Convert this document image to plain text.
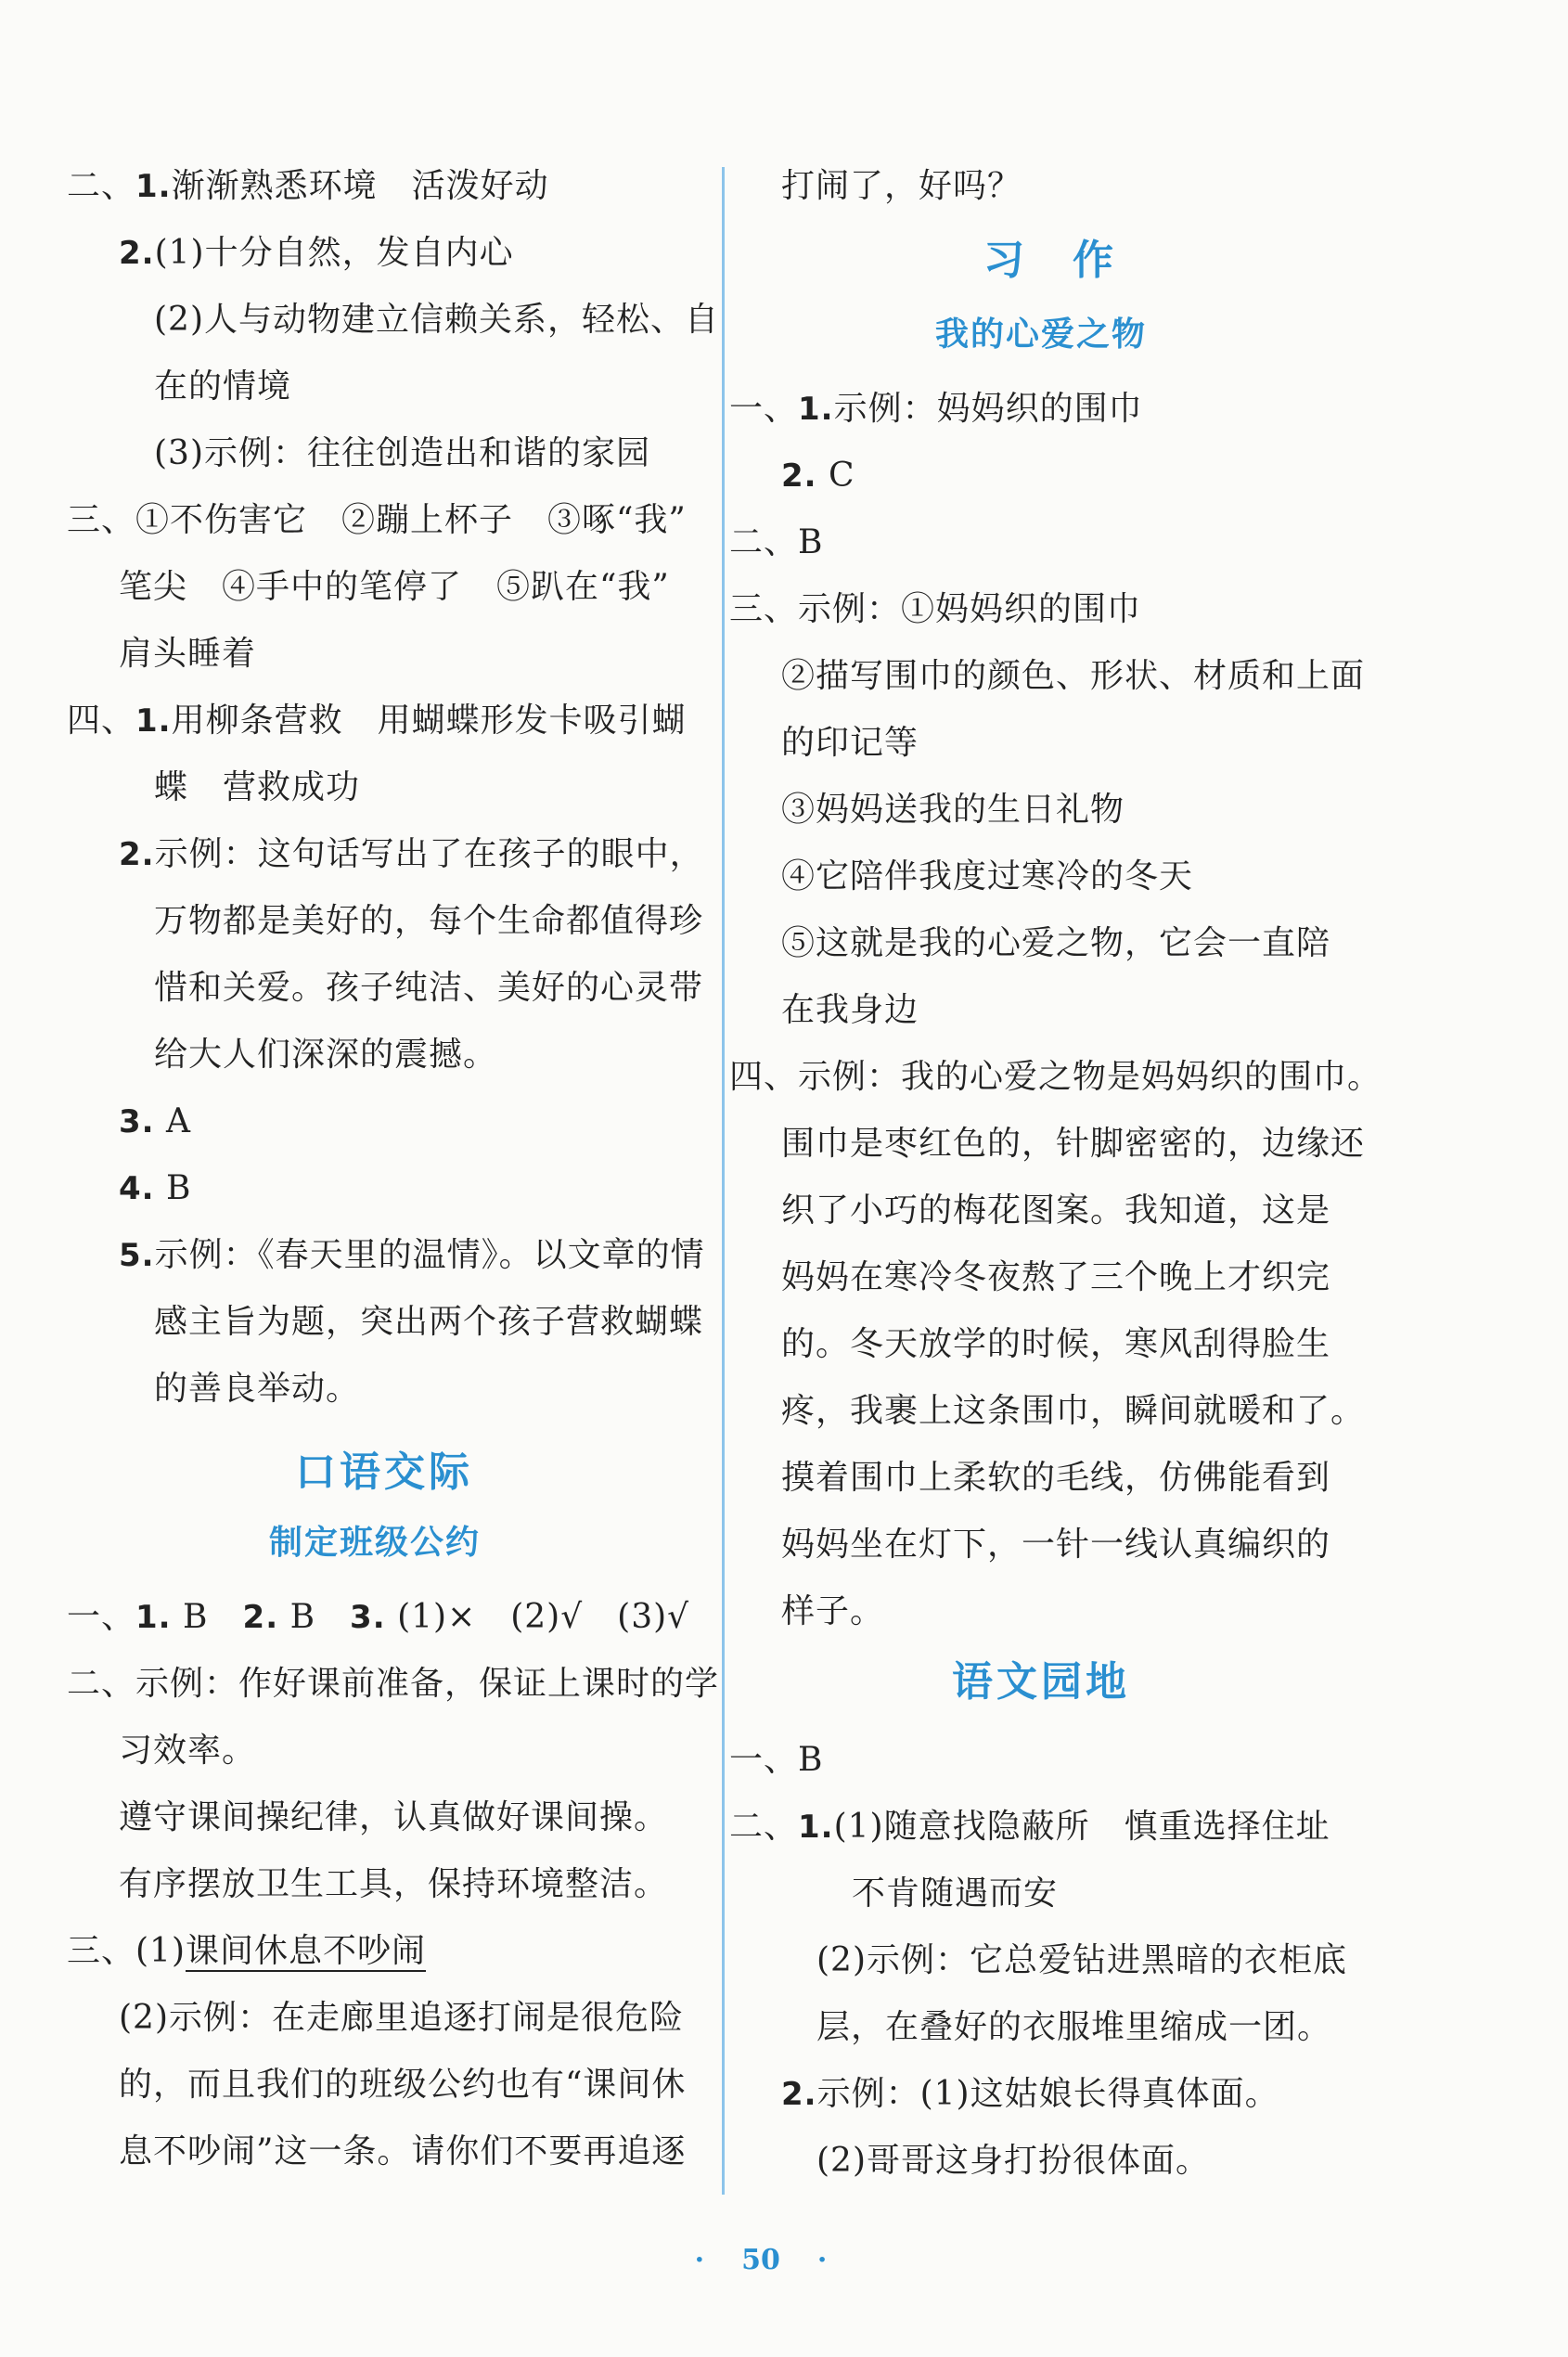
二、1.渐渐熟悉环境　活泼好动
2.(1)十分自然，发自内心
(2)人与动物建立信赖关系，轻松、自
在的情境
(3)示例：往往创造出和谐的家园
三、①不伤害它　②蹦上杯子　③啄“我”
笔尖　④手中的笔停了　⑤趴在“我”
肩头睡着
四、1.用柳条营救　用蝴蝶形发卡吸引蝴
蝶　营救成功
2.示例：这句话写出了在孩子的眼中，
万物都是美好的，每个生命都值得珍
惜和关爱。孩子纯洁、美好的心灵带
给大人们深深的震撼。
3. A
4. B
5.示例：《春天里的温情》。以文章的情
感主旨为题，突出两个孩子营救蝴蝶
的善良举动。
口语交际
制定班级公约
一、1. B　 2. B　 3. (1)×　(2)√　(3)√
二、示例：作好课前准备，保证上课时的学
习效率。
遵守课间操纪律，认真做好课间操。
有序摆放卫生工具，保持环境整洁。
三、(1)课间休息不吵闹
(2)示例：在走廊里追逐打闹是很危险
的，而且我们的班级公约也有“课间休
息不吵闹”这一条。请你们不要再追逐
打闹了，好吗？
习　作
我的心爱之物
一、1.示例：妈妈织的围巾
2. C
二、B
三、示例：①妈妈织的围巾
②描写围巾的颜色、形状、材质和上面
的印记等
③妈妈送我的生日礼物
④它陪伴我度过寒冷的冬天
⑤这就是我的心爱之物，它会一直陪
在我身边
四、示例：我的心爱之物是妈妈织的围巾。
围巾是枣红色的，针脚密密的，边缘还
织了小巧的梅花图案。我知道，这是
妈妈在寒冷冬夜熬了三个晚上才织完
的。冬天放学的时候，寒风刮得脸生
疼，我裹上这条围巾，瞬间就暖和了。
摸着围巾上柔软的毛线，仿佛能看到
妈妈坐在灯下，一针一线认真编织的
样子。
语文园地
一、B
二、1.(1)随意找隐蔽所　慎重选择住址
不肯随遇而安
(2)示例：它总爱钻进黑暗的衣柜底
层，在叠好的衣服堆里缩成一团。
2.示例：(1)这姑娘长得真体面。
(2)哥哥这身打扮很体面。
· 50 ·
